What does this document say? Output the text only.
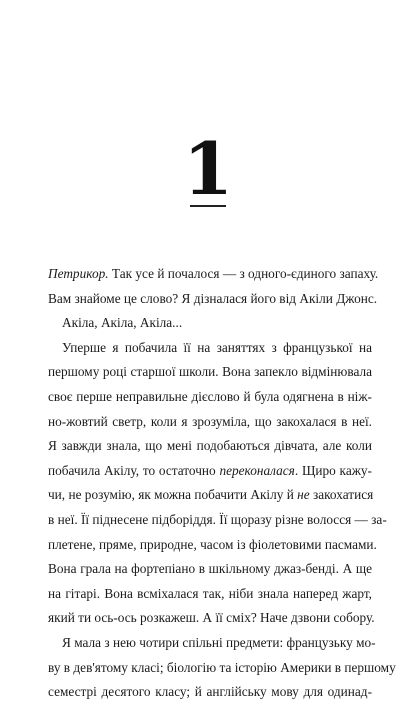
1
Петрикор. Так усе й почалося — з одного-єдиного запаху.
Вам знайоме це слово? Я дізналася його від Акіли Джонс.
Акіла, Акіла, Акіла...
Уперше я побачила її на заняттях з французької на
першому році старшої школи. Вона запекло відмінювала
своє перше неправильне дієслово й була одягнена в ніж-
но-жовтий светр, коли я зрозуміла, що закохалася в неї.
Я завжди знала, що мені подобаються дівчата, але коли
побачила Акілу, то остаточно переконалася. Щиро кажу-
чи, не розумію, як можна побачити Акілу й не закохатися
в неї. Її піднесене підборіддя. Її щоразу різне волосся — за-
плетене, пряме, природне, часом із фіолетовими пасмами.
Вона грала на фортепіано в шкільному джаз-бенді. А ще
на гітарі. Вона всміхалася так, ніби знала наперед жарт,
який ти ось-ось розкажеш. А її сміх? Наче дзвони собору.
Я мала з нею чотири спільні предмети: французьку мо-
ву в дев'ятому класі; біологію та історію Америки в першому
семестрі десятого класу; й англійську мову для одинад-
